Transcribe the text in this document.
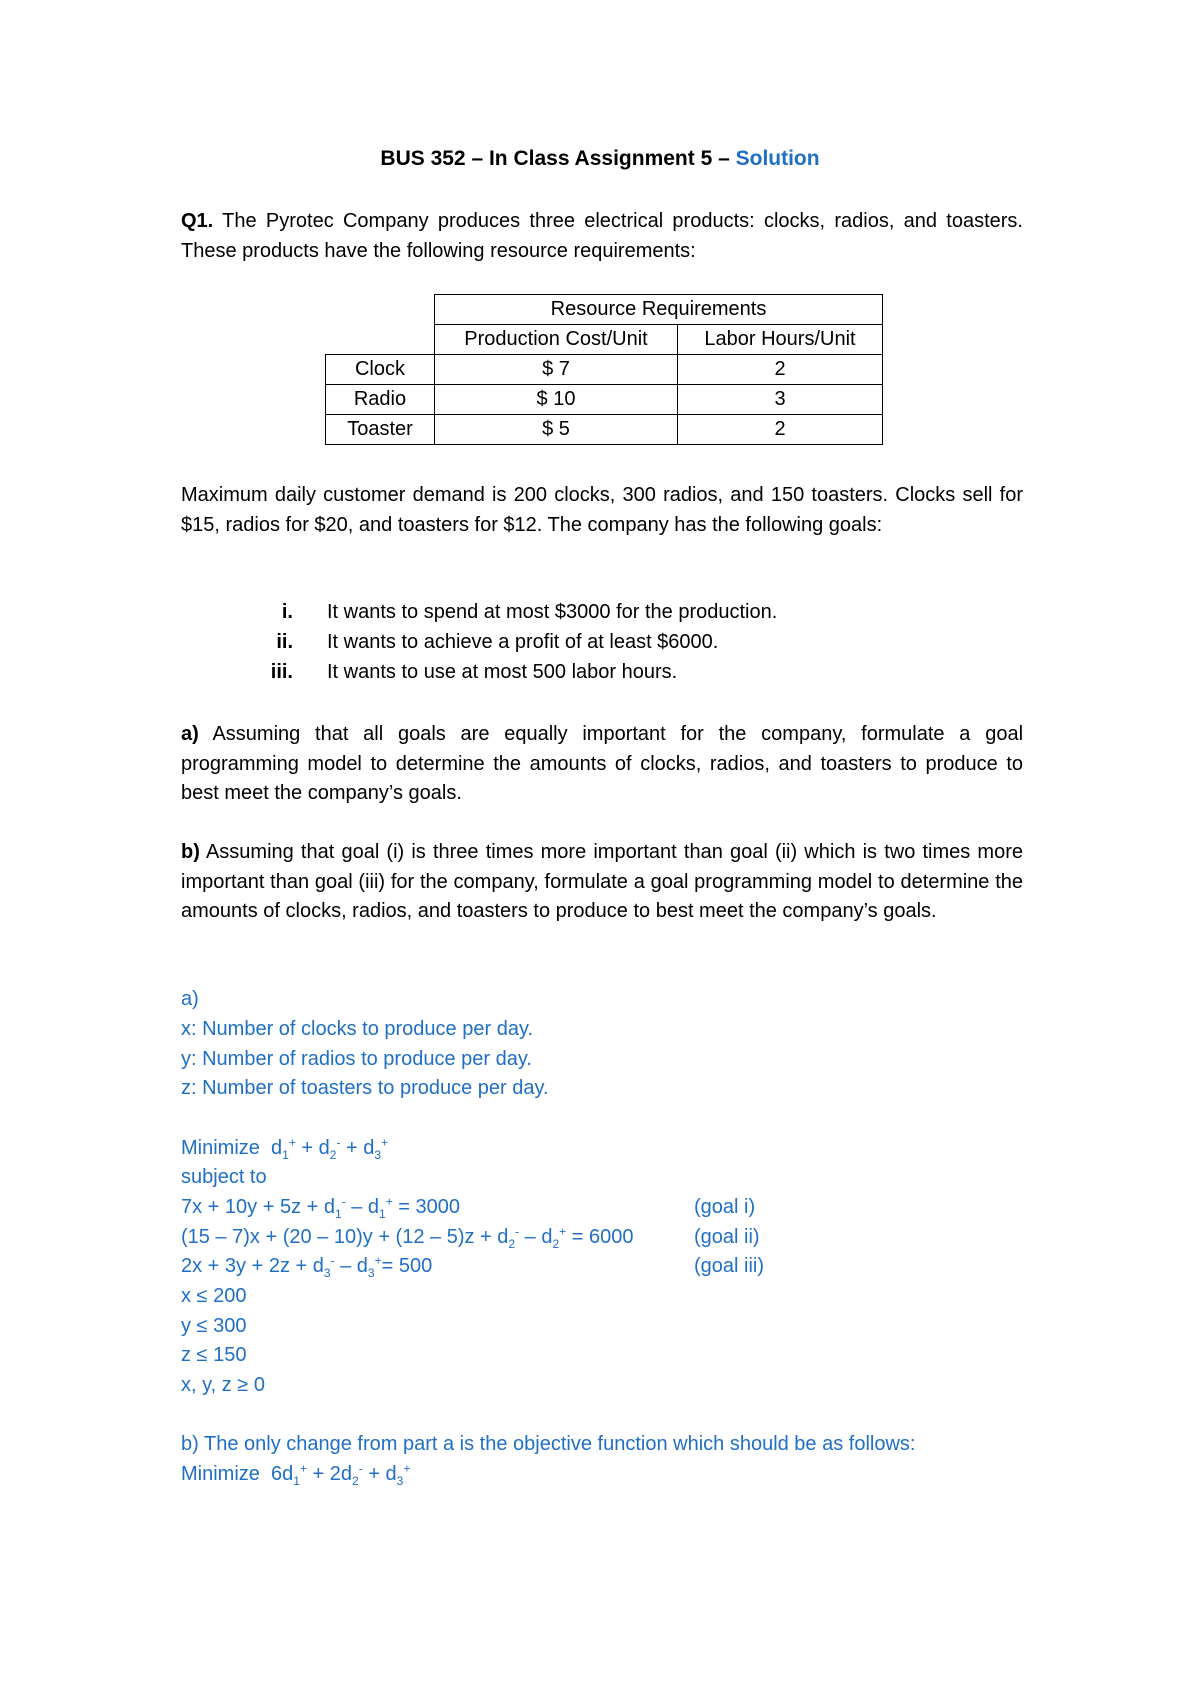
BUS 352 – In Class Assignment 5 – Solution
Q1. The Pyrotec Company produces three electrical products: clocks, radios, and toasters. These products have the following resource requirements:
	Resource Requirements	
	Production Cost/Unit	Labor Hours/Unit
Clock	$ 7	2
Radio	$ 10	3
Toaster	$ 5	2
Maximum daily customer demand is 200 clocks, 300 radios, and 150 toasters. Clocks sell for $15, radios for $20, and toasters for $12. The company has the following goals:
i. It wants to spend at most $3000 for the production.
ii. It wants to achieve a profit of at least $6000.
iii. It wants to use at most 500 labor hours.
a) Assuming that all goals are equally important for the company, formulate a goal programming model to determine the amounts of clocks, radios, and toasters to produce to best meet the company’s goals.
b) Assuming that goal (i) is three times more important than goal (ii) which is two times more important than goal (iii) for the company, formulate a goal programming model to determine the amounts of clocks, radios, and toasters to produce to best meet the company’s goals.
a)
x: Number of clocks to produce per day.
y: Number of radios to produce per day.
z: Number of toasters to produce per day.
Minimize  $d_1^+ + d_2^- + d_3^+$
subject to
$7x + 10y + 5z + d_1^- - d_1^+ = 3000$	(goal i)
$(15 - 7)x + (20 - 10)y + (12 - 5)z + d_2^- - d_2^+ = 6000$	(goal ii)
$2x + 3y + 2z + d_3^- - d_3^+= 500$	(goal iii)
x ≤ 200
y ≤ 300
z ≤ 150
x, y, z ≥ 0
b) The only change from part a is the objective function which should be as follows:
Minimize  $6d_1^+ + 2d_2^- + d_3^+$
